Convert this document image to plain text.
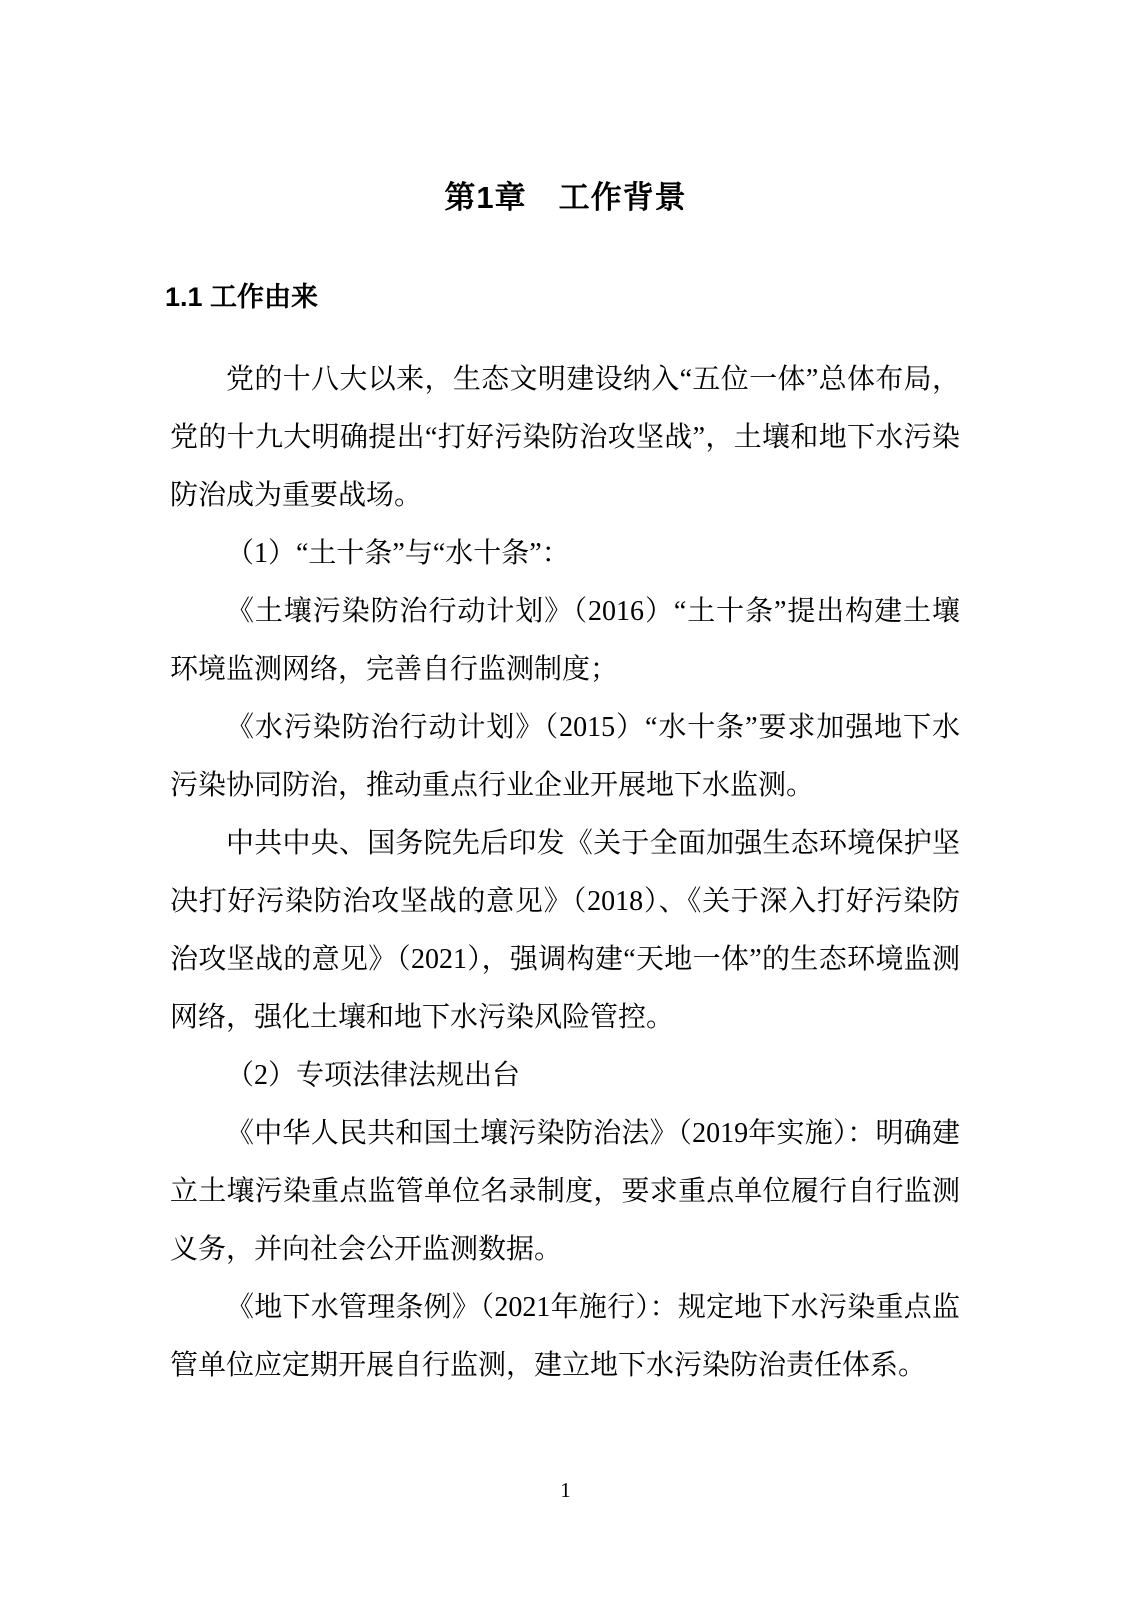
第1章　工作背景
1.1 工作由来

党的十八大以来，生态文明建设纳入“五位一体”总体布局，党的十九大明确提出“打好污染防治攻坚战”，土壤和地下水污染防治成为重要战场。

（1）“土十条”与“水十条”：

《土壤污染防治行动计划》（2016）“土十条”提出构建土壤环境监测网络，完善自行监测制度；

《水污染防治行动计划》（2015）“水十条”要求加强地下水污染协同防治，推动重点行业企业开展地下水监测。

中共中央、国务院先后印发《关于全面加强生态环境保护坚决打好污染防治攻坚战的意见》（2018）、《关于深入打好污染防治攻坚战的意见》（2021），强调构建“天地一体”的生态环境监测网络，强化土壤和地下水污染风险管控。

（2）专项法律法规出台

《中华人民共和国土壤污染防治法》（2019年实施）：明确建立土壤污染重点监管单位名录制度，要求重点单位履行自行监测义务，并向社会公开监测数据。

《地下水管理条例》（2021年施行）：规定地下水污染重点监管单位应定期开展自行监测，建立地下水污染防治责任体系。

1
